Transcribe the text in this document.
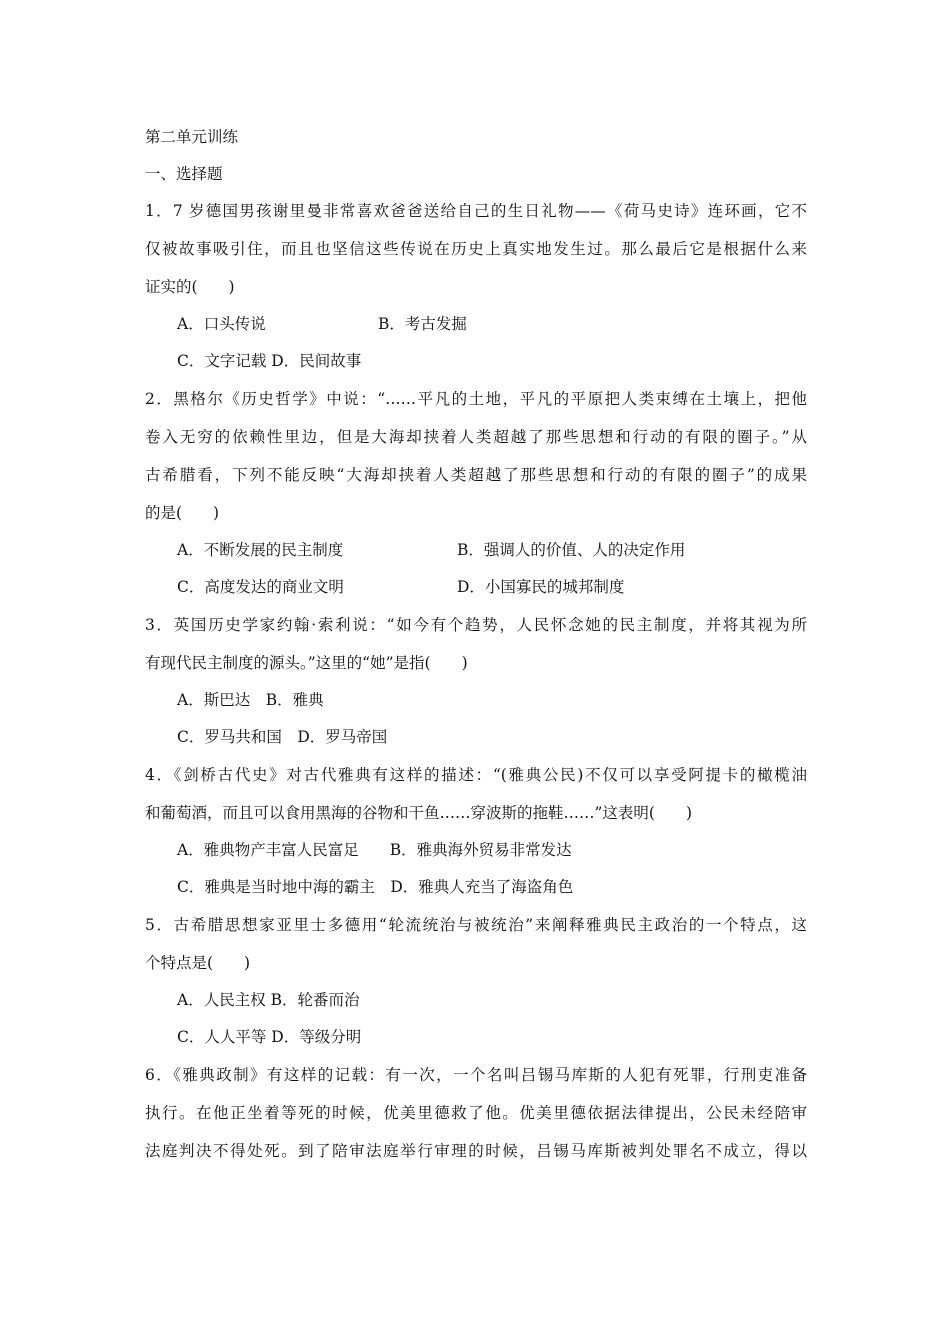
第二单元训练
一、选择题
1．7 岁德国男孩谢里曼非常喜欢爸爸送给自己的生日礼物——《荷马史诗》连环画，它不
仅被故事吸引住，而且也坚信这些传说在历史上真实地发生过。那么最后它是根据什么来
证实的(　　)
A．口头传说	B．考古发掘
C．文字记载 D．民间故事
2．黑格尔《历史哲学》中说：“……平凡的土地，平凡的平原把人类束缚在土壤上，把他
卷入无穷的依赖性里边，但是大海却挟着人类超越了那些思想和行动的有限的圈子。”从
古希腊看，下列不能反映“大海却挟着人类超越了那些思想和行动的有限的圈子”的成果
的是(　　)
A．不断发展的民主制度	B．强调人的价值、人的决定作用
C．高度发达的商业文明	D．小国寡民的城邦制度
3．英国历史学家约翰·索利说：“如今有个趋势，人民怀念她的民主制度，并将其视为所
有现代民主制度的源头。”这里的“她”是指(　　)
A．斯巴达　B．雅典
C．罗马共和国　D．罗马帝国
4．《剑桥古代史》对古代雅典有这样的描述：“(雅典公民)不仅可以享受阿提卡的橄榄油
和葡萄酒，而且可以食用黑海的谷物和干鱼……穿波斯的拖鞋……”这表明(　　)
A．雅典物产丰富人民富足　　B．雅典海外贸易非常发达
C．雅典是当时地中海的霸主　D．雅典人充当了海盗角色
5．古希腊思想家亚里士多德用“轮流统治与被统治”来阐释雅典民主政治的一个特点，这
个特点是(　　)
A．人民主权 B．轮番而治
C．人人平等 D．等级分明
6．《雅典政制》有这样的记载：有一次，一个名叫吕锡马库斯的人犯有死罪，行刑吏准备
执行。在他正坐着等死的时候，优美里德救了他。优美里德依据法律提出，公民未经陪审
法庭判决不得处死。到了陪审法庭举行审理的时候，吕锡马库斯被判处罪名不成立，得以
